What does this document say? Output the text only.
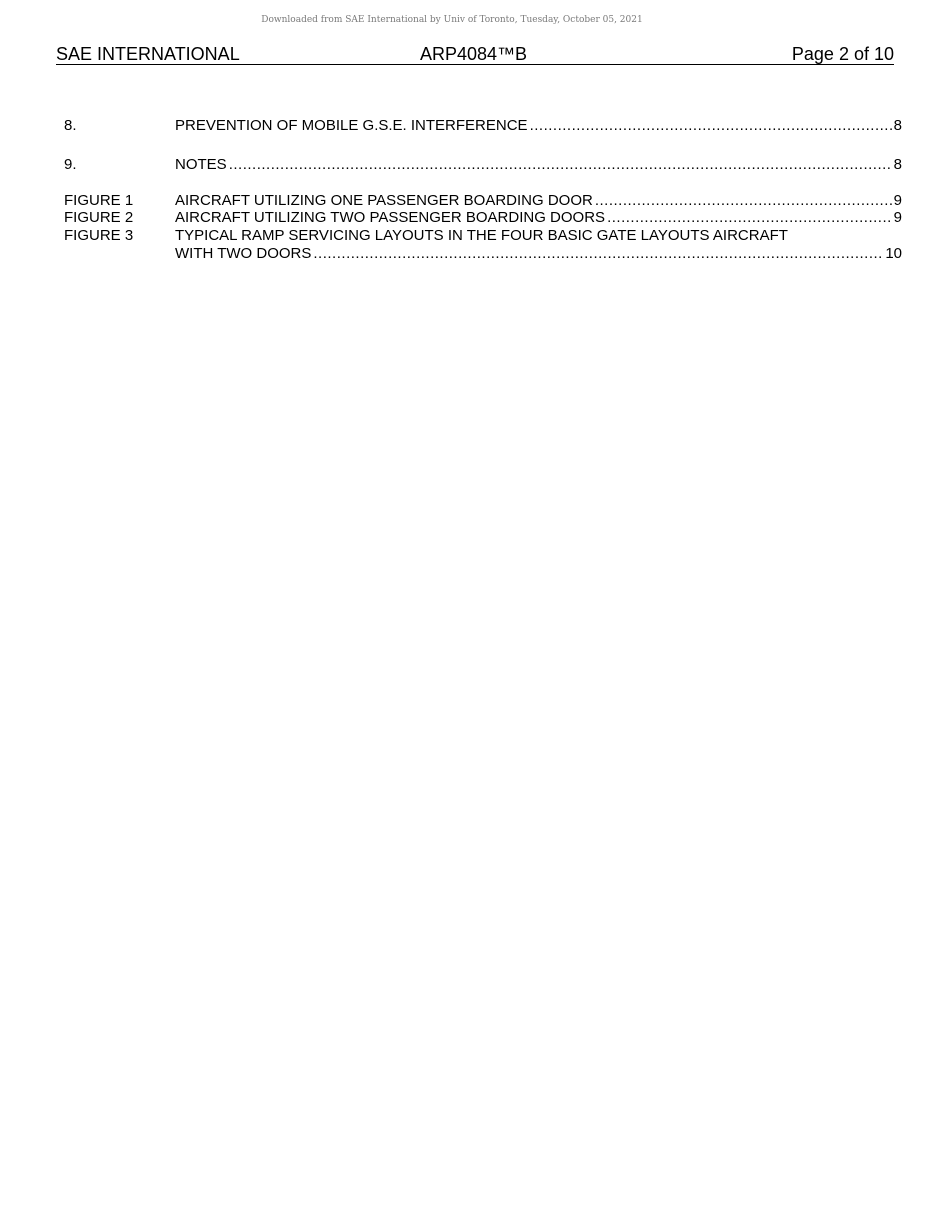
Downloaded from SAE International by Univ of Toronto, Tuesday, October 05, 2021
SAE INTERNATIONAL	ARP4084™B	Page 2 of 10
8.	PREVENTION OF MOBILE G.S.E. INTERFERENCE .....	8
9.	NOTES .....	8
FIGURE 1	AIRCRAFT UTILIZING ONE PASSENGER BOARDING DOOR .....	9
FIGURE 2	AIRCRAFT UTILIZING TWO PASSENGER BOARDING DOORS .....	9
FIGURE 3	TYPICAL RAMP SERVICING LAYOUTS IN THE FOUR BASIC GATE LAYOUTS AIRCRAFT
WITH TWO DOORS .....	10
